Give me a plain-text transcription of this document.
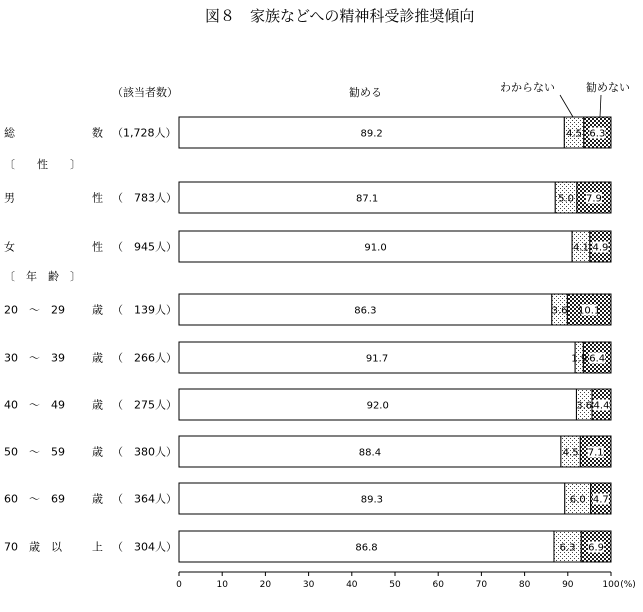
図８　家族などへの精神科受診推奨傾向
（該当者数）	勧める	わからない	勧めない
〔　　性　　〕
〔　年　齢　〕
総	数 （1,728人）	89.2	4.5 6.3
男	性 （　783人）	87.1	5.0 7.9
女	性 （　945人）	91.0	4.1 4.9
20　～　29 歳 （　139人）	86.3	3.6 10.1
30　～　39 歳 （　266人）	91.7	1.9 6.4
40　～　49 歳 （　275人）	92.0	3.6 4.4
50　～　59 歳 （　380人）	88.4	4.5 7.1
60　～　69 歳 （　364人）	89.3	6.0 4.7
70　歳　以	上 （　304人）	86.8	6.3 6.9
0	10	20	30	40	50	60	70	80	90	100 (%)
